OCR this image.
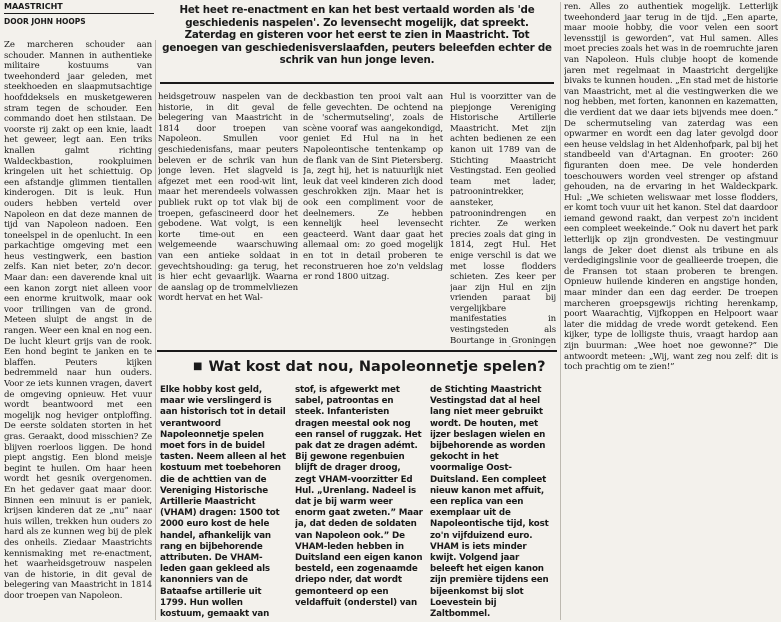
MAASTRICHT
DOOR JOHN HOOPS
Het heet re-enactment en kan het best vertaald worden als 'de geschiedenis naspelen'. Zo levensecht mogelijk, dat spreekt. Zaterdag en gisteren voor het eerst te zien in Maastricht. Tot genoegen van geschiedenisverslaafden, peuters beleefden echter de schrik van hun jonge leven.
Ze marcheren schouder aan schouder. Mannen in authentieke militaire kostuums van tweehonderd jaar geleden, met steekhoeden en slaapmutsachtige hoofddeksels en musketgeweren stram tegen de schouder. Een commando doet hen stilstaan. De voorste rij zakt op een knie, laadt het geweer, legt aan. Een triks knallen galmt richting Waldeckbastion, rookpluimen kringelen uit het schiettuig. Op een afstandje glimmen tientallen kinderogen. Dit is leuk. Hun ouders hebben verteld over Napoleon en dat deze mannen de tijd van Napoleon nadoen. Een toneelspel in de openlucht. In een parkachtige omgeving met een heus vestingwerk, een bastion zelfs. Kan niet beter, zo'n decor. Maar dan: een daverende knal uit een kanon zorgt niet alleen voor een enorme kruitwolk, maar ook voor trillingen van de grond. Meteen sluipt de angst in de rangen. Weer een knal en nog een. De lucht kleurt grijs van de rook. Een hond begint te janken en te blaffen. Peuters kijken bedremmeld naar hun ouders. Voor ze iets kunnen vragen, davert de omgeving opnieuw. Het vuur wordt beantwoord met een mogelijk nog heviger ontploffing. De eerste soldaten storten in het gras. Geraakt, dood misschien? Ze blijven roerloos liggen. De hond piept angstig. Een blond meisje begint te huilen. Om haar heen wordt het gesnik overgenomen. En het gedaver gaat maar door. Binnen een minuut is er paniek, krijsen kinderen dat ze „nu” naar huis willen, trekken hun ouders zo hard als ze kunnen weg bij de plek des onheils. Ziedaar Maastrichts kennismaking met re-enactment, het waarheidsgetrouw naspelen van de historie, in dit geval de belegering van Maastricht in 1814 door troepen van Napoleon.
heidsgetrouw naspelen van de historie, in dit geval de belegering van Maastricht in 1814 door troepen van Napoleon. Smullen voor geschiedenisfans, maar peuters beleven er de schrik van hun jonge leven. Het slagveld is afgezet met een rood-wit lint, maar het merendeels volwassen publiek rukt op tot vlak bij de troepen, gefascineerd door het gebodene. Wat volgt, is een korte time-out en een welgemeende waarschuwing van een antieke soldaat in gevechtshouding: ga terug, het is hier echt gevaarlijk. Waarna de aanslag op de trommelvliezen wordt hervat en het Wal-
deckbastion ten prooi valt aan felle gevechten. De ochtend na de 'schermutseling', zoals de scène vooraf was aangekondigd, geniet Ed Hul na in het Napoleontische tentenkamp op de flank van de Sint Pietersberg. Ja, zegt hij, het is natuurlijk niet leuk dat veel kinderen zich dood geschrokken zijn. Maar het is ook een compliment voor de deelnemers. Ze hebben kennelijk heel levensecht geacteerd. Want daar gaat het allemaal om: zo goed mogelijk en tot in detail proberen te reconstrueren hoe zo'n veldslag er rond 1800 uitzag.
Hul is voorzitter van de piepjonge Vereniging Historische Artillerie Maastricht. Met zijn achten bedienen ze een kanon uit 1789 van de Stichting Maastricht Vestingstad. Een geolied team met lader, patroonintrekker, aansteker, patroonindrengen en richter. Ze werken precies zoals dat ging in 1814, zegt Hul. Het enige verschil is dat we met losse flodders schieten. Zes keer per jaar zijn Hul en zijn vrienden paraat bij vergelijkbare manifestaties in vestingsteden als Bourtange in Groningen
ren. Alles zo authentiek mogelijk. Letterlijk tweehonderd jaar terug in de tijd. „Een aparte, maar mooie hobby, die voor velen een soort levensstijl is geworden”, vat Hul samen. Alles moet precies zoals het was in de roemruchte jaren van Napoleon. Huls clubje hoopt de komende jaren met regelmaat in Maastricht dergelijke bivaks te kunnen houden. „En stad met de historie van Maastricht, met al die vestingwerken die we nog hebben, met forten, kanonnen en kazematten, die verdient dat we daar iets bijvends mee doen.” De schermutseling van zaterdag was een opwarmer en wordt een dag later gevolgd door een heuse veldslag in het Aldenhofpark, pal bij het standbeeld van d'Artagnan. En grooter: 260 figuranten doen mee. De vele honderden toeschouwers worden veel strenger op afstand gehouden, na de ervaring in het Waldeckpark. Hul: „We schieten weliswaar met losse flodders, er komt toch vuur uit het kanon. Stel dat daardoor iemand gewond raakt, dan verpest zo'n incident een compleet weekeinde.” Ook nu davert het park letterlijk op zijn grondvesten. De vestingmuur langs de Jeker doet dienst als tribune en als verdedigingslinie voor de geallieerde troepen, die de Fransen tot staan proberen te brengen. Opnieuw huilende kinderen en angstige honden, maar minder dan een dag eerder. De troepen marcheren groepsgewijs richting herenkamp, poort Waarachtig, Vijfkoppen en Helpoort waar later die middag de vrede wordt getekend. Een kijker, type de lolligste thuis, vraagt hardop aan zijn buurman: „Wee hoet noe gewonne?” Die antwoordt meteen: „Wij, want zeg nou zelf: dit is toch prachtig om te zien!”
■ Wat kost dat nou, Napoleonnetje spelen?
Elke hobby kost geld, maar wie verslingerd is aan historisch tot in detail verantwoord Napoleonnetje spelen moet fors in de buidel tasten. Neem alleen al het kostuum met toebehoren die de achttien van de Vereniging Historische Artillerie Maastricht (VHAM) dragen: 1500 tot 2000 euro kost de hele handel, afhankelijk van rang en bijbehorende attributen. De VHAM-leden gaan gekleed als kanonniers van de Bataafse artillerie uit 1799. Hun wollen kostuum, gemaakt van
stof, is afgewerkt met sabel, patroontas en steek. Infanteristen dragen meestal ook nog een ransel of ruggzak. Het pak dat ze dragen adémt. Bij gewone regenbuien blijft de drager droog, zegt VHAM-voorzitter Ed Hul. „Urenlang. Nadeel is dat je bij warm weer enorm gaat zweten.” Maar ja, dat deden de soldaten van Napoleon ook.” De VHAM-leden hebben in Duitsland een eigen kanon besteld, een zogenaamde driepo nder, dat wordt gemonteerd op een veldaffuit (onderstel) van
de Stichting Maastricht Vestingstad dat al heel lang niet meer gebruikt wordt. De houten, met ijzer beslagen wielen en bijbehorende as worden gekocht in het voormalige Oost-Duitsland. Een compleet nieuw kanon met affuit, een replica van een exemplaar uit de Napoleontische tijd, kost zo'n vijfduizend euro. VHAM is iets minder kwijt. Volgend jaar beleeft het eigen kanon zijn première tijdens een bijeenkomst bij slot Loevestein bij Zaltbommel.
